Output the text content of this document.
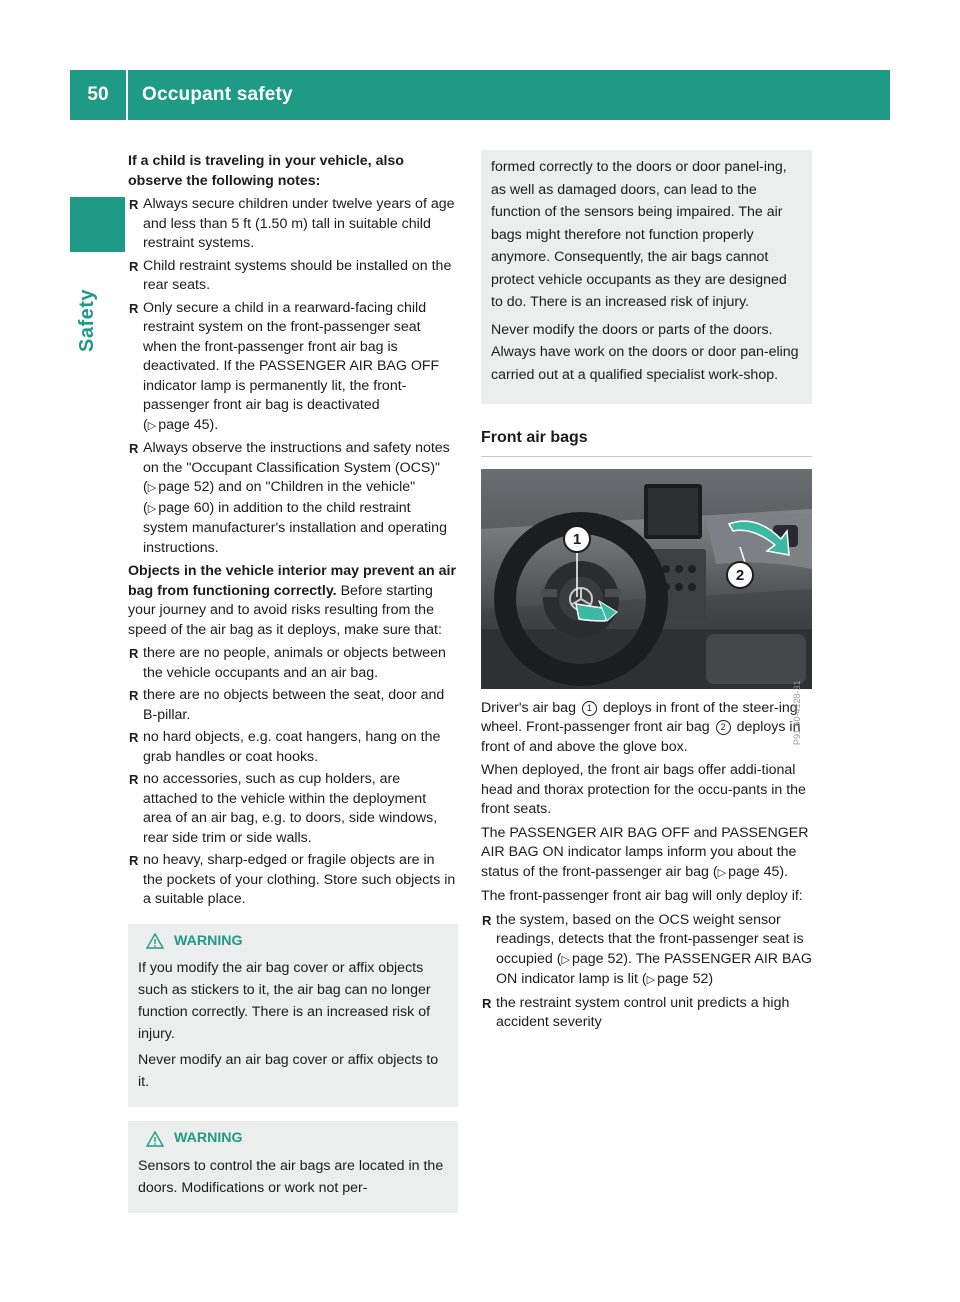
50	Occupant safety
Safety

If a child is traveling in your vehicle, also observe the following notes:

R Always secure children under twelve years of age and less than 5 ft (1.50 m) tall in suitable child restraint systems.
R Child restraint systems should be installed on the rear seats.
R Only secure a child in a rearward-facing child restraint system on the front-passenger seat when the front-passenger front air bag is deactivated. If the PASSENGER AIR BAG OFF indicator lamp is permanently lit, the front-passenger front air bag is deactivated
(▷ page 45).
R Always observe the instructions and safety notes on the "Occupant Classification System (OCS)" (▷ page 52) and on "Children in the vehicle" (▷ page 60) in addition to the child restraint system manufacturer's installation and operating instructions.

Objects in the vehicle interior may prevent an air bag from functioning correctly. Before starting your journey and to avoid risks resulting from the speed of the air bag as it deploys, make sure that:

R there are no people, animals or objects between the vehicle occupants and an air bag.
R there are no objects between the seat, door and B-pillar.
R no hard objects, e.g. coat hangers, hang on the grab handles or coat hooks.
R no accessories, such as cup holders, are attached to the vehicle within the deployment area of an air bag, e.g. to doors, side windows, rear side trim or side walls.
R no heavy, sharp-edged or fragile objects are in the pockets of your clothing. Store such objects in a suitable place.
WARNING

If you modify the air bag cover or affix objects such as stickers to it, the air bag can no longer function correctly. There is an increased risk of injury.

Never modify an air bag cover or affix objects to it.

WARNING

Sensors to control the air bags are located in the doors. Modifications or work not per-

formed correctly to the doors or door panel-ing, as well as damaged doors, can lead to the function of the sensors being impaired. The air bags might therefore not function properly anymore. Consequently, the air bags cannot protect vehicle occupants as they are designed to do. There is an increased risk of injury.

Never modify the doors or parts of the doors. Always have work on the doors or door pan-eling carried out at a qualified specialist work-shop.

Front air bags
1
2
P91.60-4128-31

Driver's air bag 1 deploys in front of the steer-ing wheel. Front-passenger front air bag 2 deploys in front of and above the glove box.

When deployed, the front air bags offer addi-tional head and thorax protection for the occu-pants in the front seats.

The PASSENGER AIR BAG OFF and PASSENGER AIR BAG ON indicator lamps inform you about the status of the front-passenger air bag (▷ page 45).

The front-passenger front air bag will only deploy if:

R the system, based on the OCS weight sensor readings, detects that the front-passenger seat is occupied (▷ page 52). The PASSENGER AIR BAG ON indicator lamp is lit (▷ page 52)
R the restraint system control unit predicts a high accident severity
